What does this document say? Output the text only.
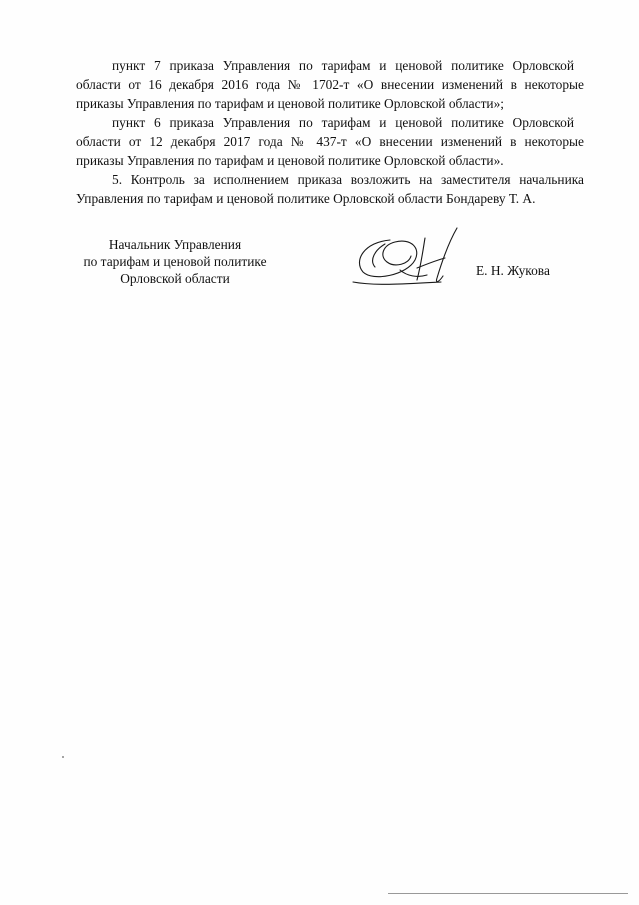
пункт 7 приказа Управления по тарифам и ценовой политике Орловской
области от 16 декабря 2016 года № 1702-т «О внесении изменений в некоторые
приказы Управления по тарифам и ценовой политике Орловской области»;
пункт 6 приказа Управления по тарифам и ценовой политике Орловской
области от 12 декабря 2017 года № 437-т «О внесении изменений в некоторые
приказы Управления по тарифам и ценовой политике Орловской области».
5. Контроль за исполнением приказа возложить на заместителя начальника
Управления по тарифам и ценовой политике Орловской области Бондареву Т. А.
Начальник Управления
по тарифам и ценовой политике
Орловской области
Е. Н. Жукова
